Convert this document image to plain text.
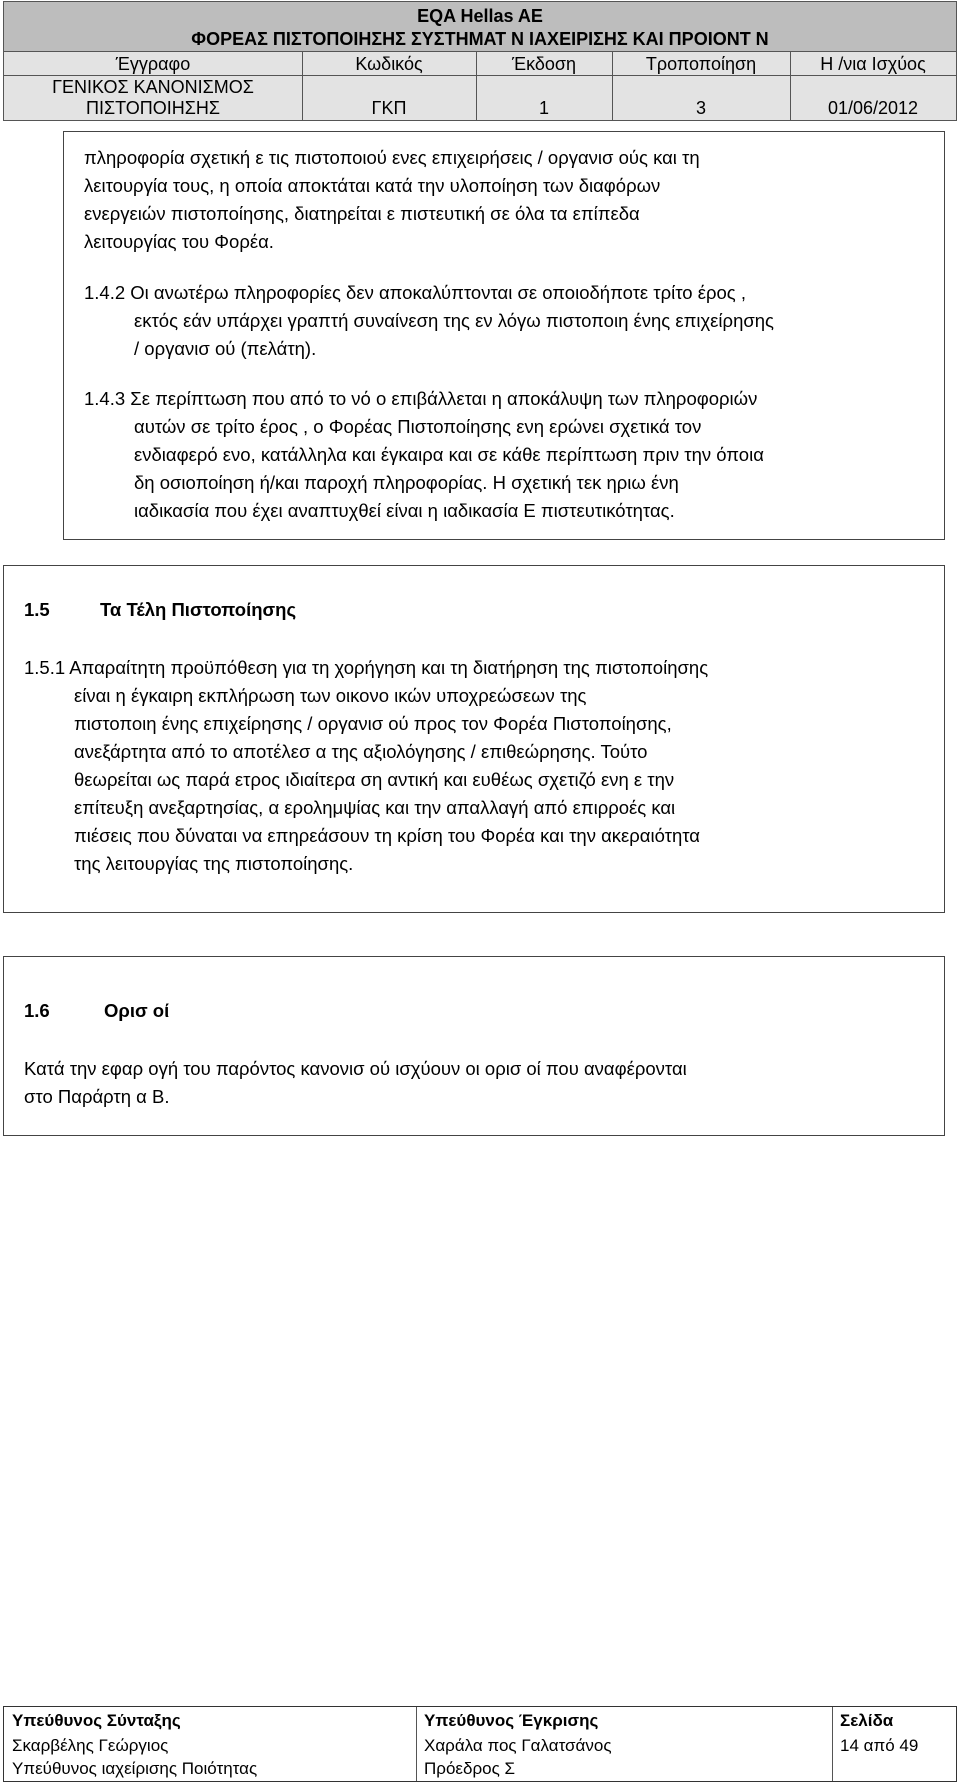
EQA Hellas AE
ΦΟΡΕΑΣ ΠΙΣΤΟΠΟΙΗΣΗΣ ΣΥΣΤΗΜΑΤ Ν ΙΑΧΕΙΡΙΣΗΣ ΚΑΙ ΠΡΟΙΟΝΤ Ν
Έγγραφο	Κωδικός	Έκδοση	Τροποποίηση	Η /νια Ισχύος
ΓΕΝΙΚΟΣ ΚΑΝΟΝΙΣΜΟΣ
ΠΙΣΤΟΠΟΙΗΣΗΣ	ΓΚΠ	1	3	01/06/2012
πληροφορία σχετική ε τις πιστοποιού ενες επιχειρήσεις / οργανισ ούς και τη
λειτουργία τους, η οποία αποκτάται κατά την υλοποίηση των διαφόρων
ενεργειών πιστοποίησης, διατηρείται ε πιστευτική σε όλα τα επίπεδα
λειτουργίας του Φορέα.
1.4.2 Οι ανωτέρω πληροφορίες δεν αποκαλύπτονται σε οποιοδήποτε τρίτο έρος ,
εκτός εάν υπάρχει γραπτή συναίνεση της εν λόγω πιστοποιη ένης επιχείρησης
/ οργανισ ού (πελάτη).
1.4.3 Σε περίπτωση που από το νό ο επιβάλλεται η αποκάλυψη των πληροφοριών
αυτών σε τρίτο έρος , ο Φορέας Πιστοποίησης ενη ερώνει σχετικά τον
ενδιαφερό ενο, κατάλληλα και έγκαιρα και σε κάθε περίπτωση πριν την όποια
δη οσιοποίηση ή/και παροχή πληροφορίας. Η σχετική τεκ ηριω ένη
ιαδικασία που έχει αναπτυχθεί είναι η ιαδικασία Ε πιστευτικότητας.
1.5	Τα Τέλη Πιστοποίησης
1.5.1 Απαραίτητη προϋπόθεση για τη χορήγηση και τη διατήρηση της πιστοποίησης
είναι η έγκαιρη εκπλήρωση των οικονο ικών υποχρεώσεων της
πιστοποιη ένης επιχείρησης / οργανισ ού προς τον Φορέα Πιστοποίησης,
ανεξάρτητα από το αποτέλεσ α της αξιολόγησης / επιθεώρησης. Τούτο
θεωρείται ως παρά ετρος ιδιαίτερα ση αντική και ευθέως σχετιζό ενη ε την
επίτευξη ανεξαρτησίας, α ερολημψίας και την απαλλαγή από επιρροές και
πιέσεις που δύναται να επηρεάσουν τη κρίση του Φορέα και την ακεραιότητα
της λειτουργίας της πιστοποίησης.
1.6	Ορισ οί
Κατά την εφαρ ογή του παρόντος κανονισ ού ισχύουν οι ορισ οί που αναφέρονται
στο Παράρτη α Β.
Υπεύθυνος Σύνταξης
Σκαρβέλης Γεώργιος
Υπεύθυνος ιαχείρισης Ποιότητας
Υπεύθυνος Έγκρισης
Χαράλα πος Γαλατσάνος
Πρόεδρος Σ
Σελίδα
14 από 49
